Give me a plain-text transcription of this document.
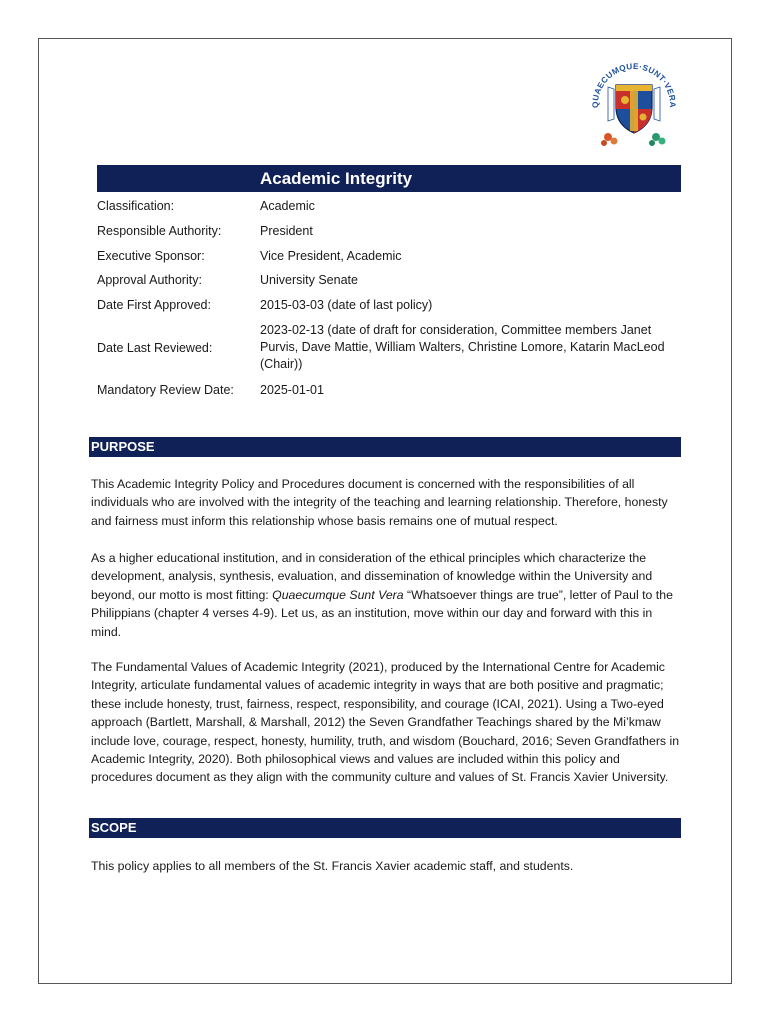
QUAECUMQUE·SUNT·VERA
Academic Integrity
Classification:	Academic
Responsible Authority:	President
Executive Sponsor:	Vice President, Academic
Approval Authority:	University Senate
Date First Approved:	2015-03-03 (date of last policy)
Date Last Reviewed:
2023-02-13 (date of draft for consideration, Committee members Janet Purvis, Dave Mattie, William Walters, Christine Lomore, Katarin MacLeod (Chair))
Mandatory Review Date:	2025-01-01
PURPOSE

This Academic Integrity Policy and Procedures document is concerned with the responsibilities of all individuals who are involved with the integrity of the teaching and learning relationship. Therefore, honesty and fairness must inform this relationship whose basis remains one of mutual respect.

As a higher educational institution, and in consideration of the ethical principles which characterize the development, analysis, synthesis, evaluation, and dissemination of knowledge within the University and beyond, our motto is most fitting: Quaecumque Sunt Vera “Whatsoever things are true”, letter of Paul to the Philippians (chapter 4 verses 4-9). Let us, as an institution, move within our day and forward with this in mind.

The Fundamental Values of Academic Integrity (2021), produced by the International Centre for Academic Integrity, articulate fundamental values of academic integrity in ways that are both positive and pragmatic; these include honesty, trust, fairness, respect, responsibility, and courage (ICAI, 2021). Using a Two-eyed approach (Bartlett, Marshall, & Marshall, 2012) the Seven Grandfather Teachings shared by the Mi’kmaw include love, courage, respect, honesty, humility, truth, and wisdom (Bouchard, 2016; Seven Grandfathers in Academic Integrity, 2020). Both philosophical views and values are included within this policy and procedures document as they align with the community culture and values of St. Francis Xavier University.

SCOPE

This policy applies to all members of the St. Francis Xavier academic staff, and students.
